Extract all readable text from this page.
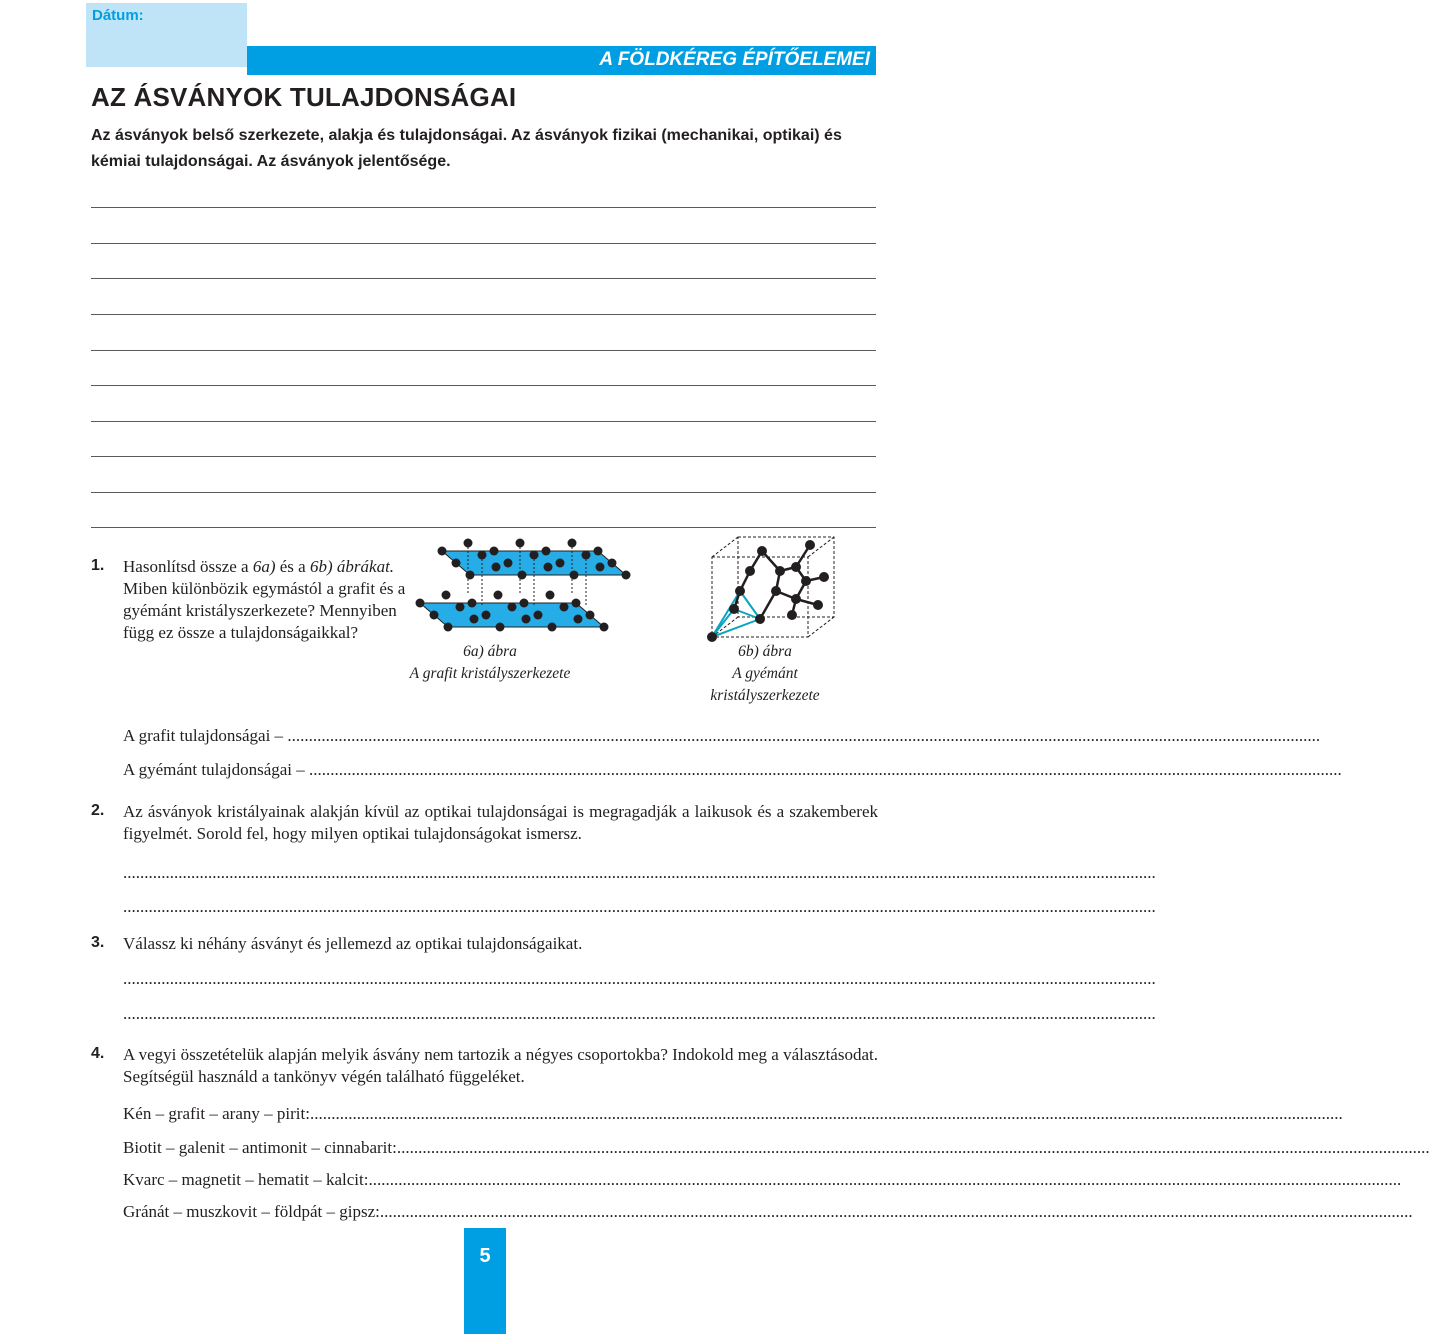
Dátum:
A FÖLDKÉREG ÉPÍTŐELEMEI
AZ ÁSVÁNYOK TULAJDONSÁGAI
Az ásványok belső szerkezete, alakja és tulajdonságai. Az ásványok fizikai (mechanikai, optikai) és kémiai tulajdonságai. Az ásványok jelentősége.
1. Hasonlítsd össze a 6a) és a 6b) ábrákat. Miben különbözik egymástól a grafit és a gyémánt kristályszerkezete? Mennyiben függ ez össze a tulajdonságaikkal?
6a) ábra
A grafit kristályszerkezete
6b) ábra
A gyémánt kristályszerkezete
A grafit tulajdonságai – ...................................................................................................................................................................................................................................................
A gyémánt tulajdonságai – ...................................................................................................................................................................................................................................................
2. Az ásványok kristályainak alakján kívül az optikai tulajdonságai is megragadják a laikusok és a szakemberek figyelmét. Sorold fel, hogy milyen optikai tulajdonságokat ismersz.
...................................................................................................................................................................................................................................................
...................................................................................................................................................................................................................................................
3. Válassz ki néhány ásványt és jellemezd az optikai tulajdonságaikat.
...................................................................................................................................................................................................................................................
...................................................................................................................................................................................................................................................
4. A vegyi összetételük alapján melyik ásvány nem tartozik a négyes csoportokba? Indokold meg a választásodat. Segítségül használd a tankönyv végén található függeléket.
Kén – grafit – arany – pirit:...................................................................................................................................................................................................................................................
Biotit – galenit – antimonit – cinnabarit:...................................................................................................................................................................................................................................................
Kvarc – magnetit – hematit – kalcit:...................................................................................................................................................................................................................................................
Gránát – muszkovit – földpát – gipsz:...................................................................................................................................................................................................................................................
5
